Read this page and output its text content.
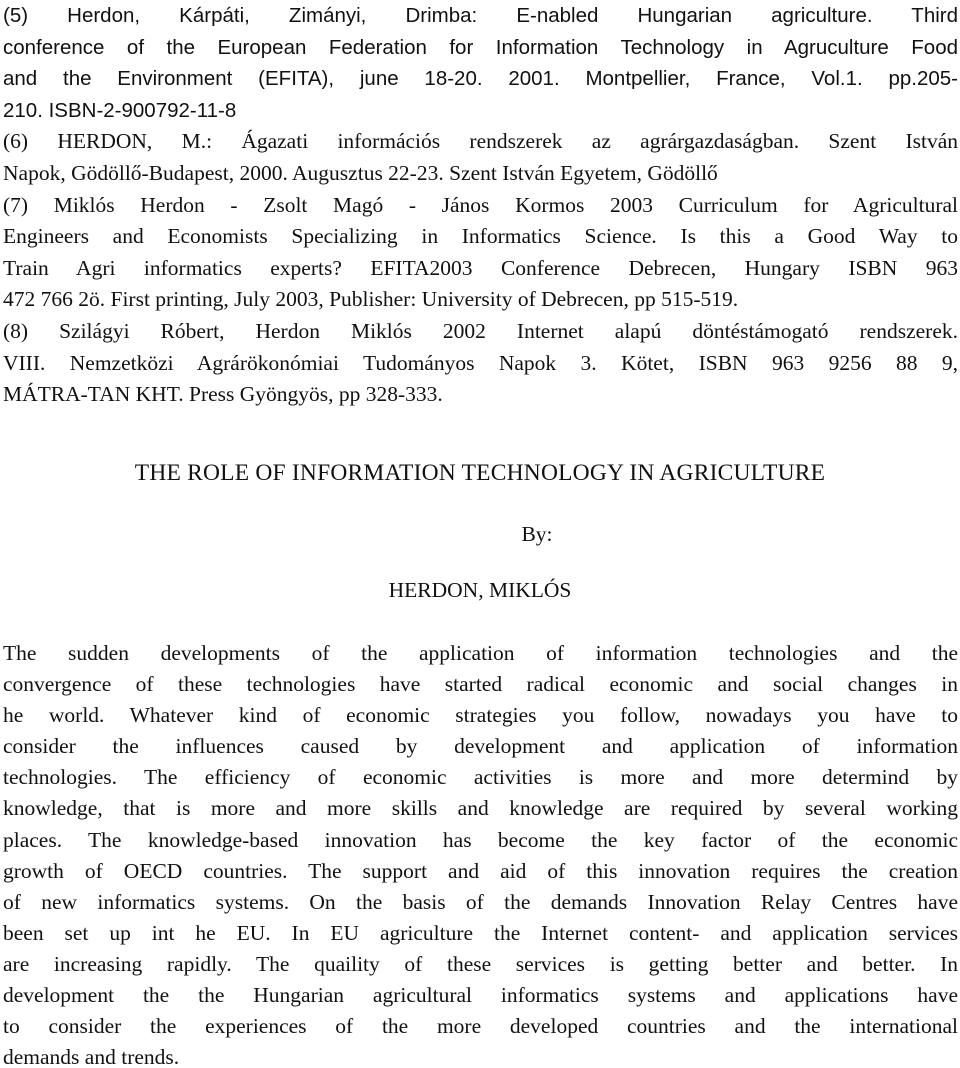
(5) Herdon, Kárpáti, Zimányi, Drimba: E-nabled Hungarian agriculture. Third
conference of the European Federation for Information Technology in Agruculture Food
and the Environment (EFITA), june 18-20. 2001. Montpellier, France, Vol.1. pp.205-
210. ISBN-2-900792-11-8
(6) HERDON, M.: Ágazati információs rendszerek az agrárgazdaságban. Szent István
Napok, Gödöllő-Budapest, 2000. Augusztus 22-23. Szent István Egyetem, Gödöllő
(7) Miklós Herdon - Zsolt Magó - János Kormos 2003 Curriculum for Agricultural
Engineers and Economists Specializing in Informatics Science. Is this a Good Way to
Train Agri informatics experts? EFITA2003 Conference Debrecen, Hungary ISBN 963
472 766 2ö. First printing, July 2003, Publisher: University of Debrecen, pp 515-519.
(8) Szilágyi Róbert, Herdon Miklós 2002 Internet alapú döntéstámogató rendszerek.
VIII. Nemzetközi Agrárökonómiai Tudományos Napok 3. Kötet, ISBN 963 9256 88 9,
MÁTRA-TAN KHT. Press Gyöngyös, pp 328-333.
THE ROLE OF INFORMATION TECHNOLOGY IN AGRICULTURE
By:
HERDON, MIKLÓS
The sudden developments of the application of information technologies and the
convergence of these technologies have started radical economic and social changes in
he world. Whatever kind of economic strategies you follow, nowadays you have to
consider the influences caused by development and application of information
technologies. The efficiency of economic activities is more and more determind by
knowledge, that is more and more skills and knowledge are required by several working
places. The knowledge-based innovation has become the key factor of the economic
growth of OECD countries. The support and aid of this innovation requires the creation
of new informatics systems. On the basis of the demands Innovation Relay Centres have
been set up int he EU. In EU agriculture the Internet content- and application services
are increasing rapidly. The quaility of these services is getting better and better. In
development the the Hungarian agricultural informatics systems and applications have
to consider the experiences of the more developed countries and the international
demands and trends.
